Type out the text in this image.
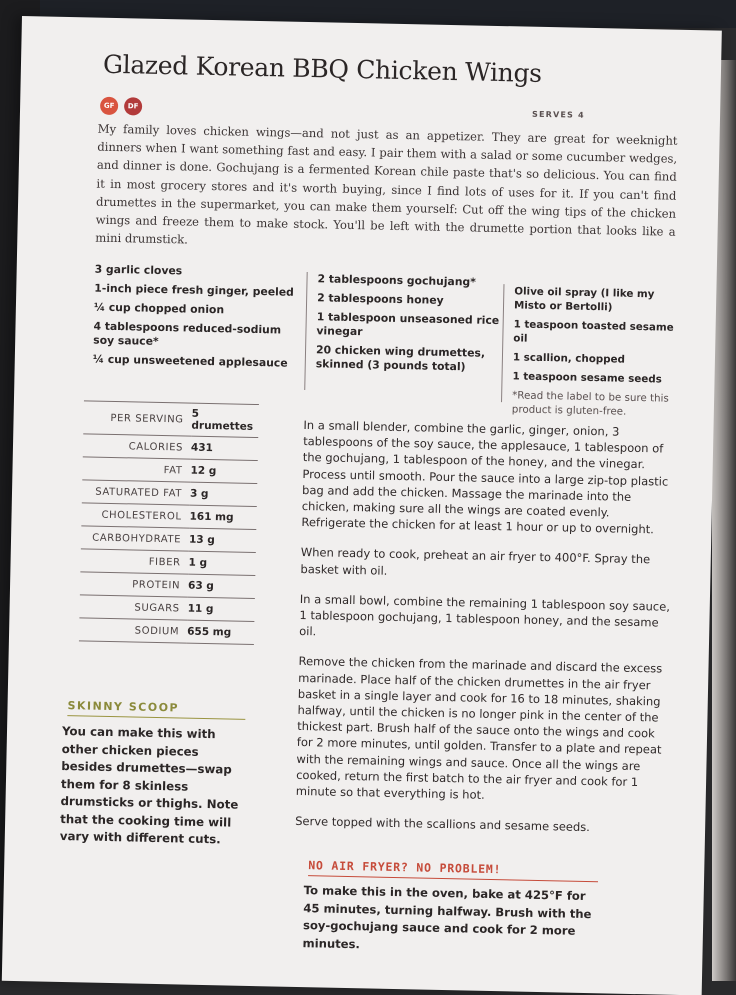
Glazed Korean BBQ Chicken Wings
SERVES 4
GF	DF

My family loves chicken wings—and not just as an appetizer. They are great for weeknight dinners when I want something fast and easy. I pair them with a salad or some cucumber wedges, and dinner is done. Gochujang is a fermented Korean chile paste that's so delicious. You can find it in most grocery stores and it's worth buying, since I find lots of uses for it. If you can't find drumettes in the supermarket, you can make them yourself: Cut off the wing tips of the chicken wings and freeze them to make stock. You'll be left with the drumette portion that looks like a mini drumstick.

3 garlic cloves
1-inch piece fresh ginger, peeled
¼ cup chopped onion
4 tablespoons reduced-sodium soy sauce*
¼ cup unsweetened applesauce
2 tablespoons gochujang*
2 tablespoons honey
1 tablespoon unseasoned rice vinegar
20 chicken wing drumettes, skinned (3 pounds total)
Olive oil spray (I like my Misto or Bertolli)
1 teaspoon toasted sesame oil
1 scallion, chopped
1 teaspoon sesame seeds
*Read the label to be sure this product is gluten-free.
PER SERVING	5 drumettes
CALORIES	431
FAT	12 g
SATURATED FAT	3 g
CHOLESTEROL	161 mg
CARBOHYDRATE	13 g
FIBER	1 g
PROTEIN	63 g
SUGARS	11 g
SODIUM	655 mg

In a small blender, combine the garlic, ginger, onion, 3 tablespoons of the soy sauce, the applesauce, 1 tablespoon of the gochujang, 1 tablespoon of the honey, and the vinegar. Process until smooth. Pour the sauce into a large zip-top plastic bag and add the chicken. Massage the marinade into the chicken, making sure all the wings are coated evenly. Refrigerate the chicken for at least 1 hour or up to overnight.

When ready to cook, preheat an air fryer to 400°F. Spray the basket with oil.

In a small bowl, combine the remaining 1 tablespoon soy sauce, 1 tablespoon gochujang, 1 tablespoon honey, and the sesame oil.

Remove the chicken from the marinade and discard the excess marinade. Place half of the chicken drumettes in the air fryer basket in a single layer and cook for 16 to 18 minutes, shaking halfway, until the chicken is no longer pink in the center of the thickest part. Brush half of the sauce onto the wings and cook for 2 more minutes, until golden. Transfer to a plate and repeat with the remaining wings and sauce. Once all the wings are cooked, return the first batch to the air fryer and cook for 1 minute so that everything is hot.

Serve topped with the scallions and sesame seeds.

SKINNY SCOOP

You can make this with other chicken pieces besides drumettes—swap them for 8 skinless drumsticks or thighs. Note that the cooking time will vary with different cuts.

NO AIR FRYER? NO PROBLEM!

To make this in the oven, bake at 425°F for 45 minutes, turning halfway. Brush with the soy-gochujang sauce and cook for 2 more minutes.
